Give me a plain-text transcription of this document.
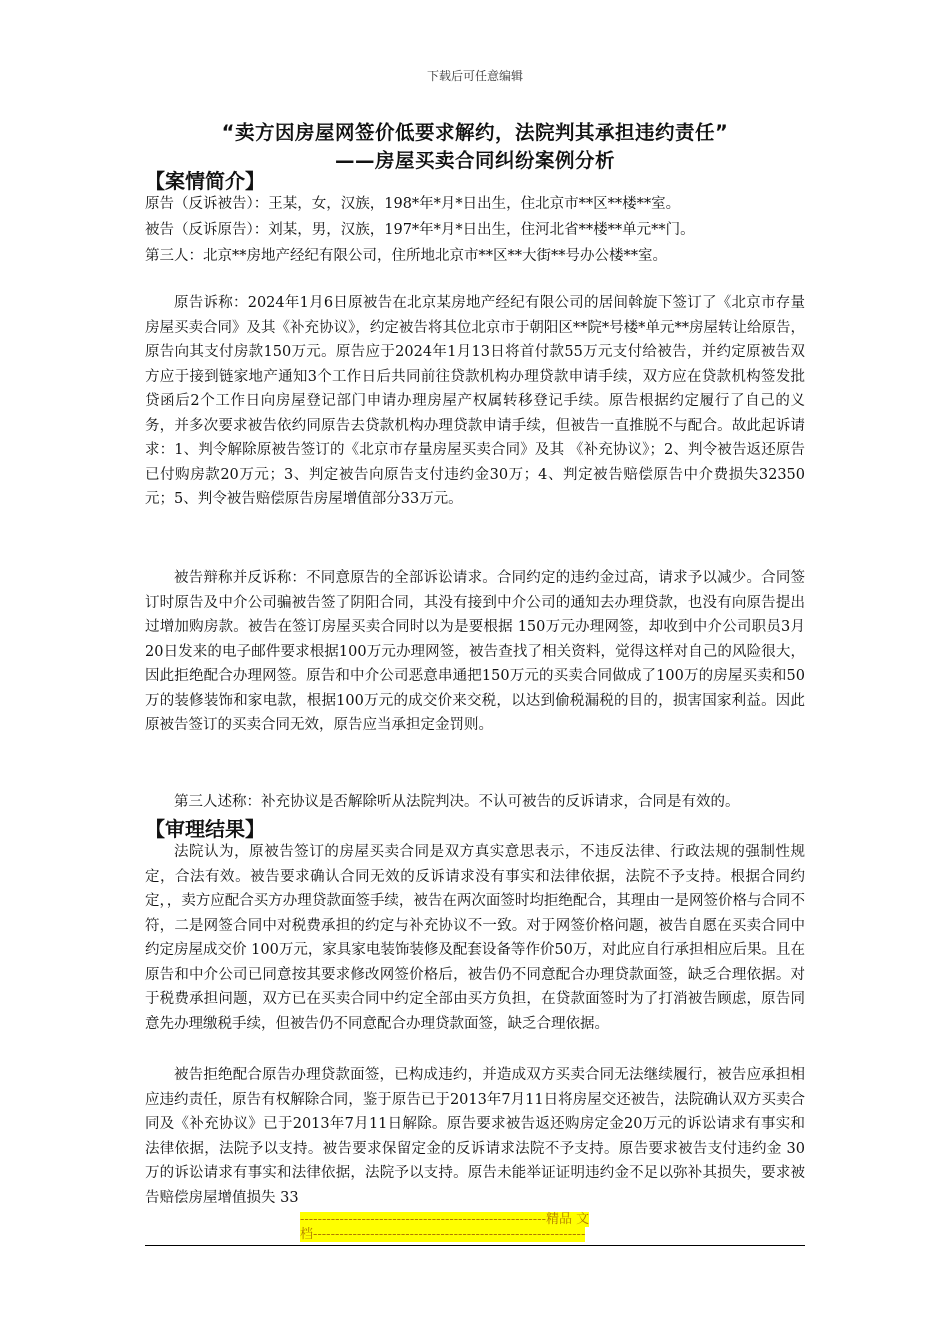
下载后可任意编辑
“卖方因房屋网签价低要求解约，法院判其承担违约责任”
——房屋买卖合同纠纷案例分析
【案情简介】
原告（反诉被告）：王某，女，汉族，198*年*月*日出生，住北京市**区**楼**室。
被告（反诉原告）：刘某，男，汉族，197*年*月*日出生，住河北省**楼**单元**门。
第三人：北京**房地产经纪有限公司，住所地北京市**区**大街**号办公楼**室。

原告诉称：2024年1月6日原被告在北京某房地产经纪有限公司的居间斡旋下签订了《北京市存量房屋买卖合同》及其《补充协议》，约定被告将其位北京市于朝阳区**院*号楼*单元**房屋转让给原告，原告向其支付房款150万元。原告应于2024年1月13日将首付款55万元支付给被告，并约定原被告双方应于接到链家地产通知3个工作日后共同前往贷款机构办理贷款申请手续，双方应在贷款机构签发批贷函后2个工作日向房屋登记部门申请办理房屋产权属转移登记手续。原告根据约定履行了自己的义务，并多次要求被告依约同原告去贷款机构办理贷款申请手续，但被告一直推脱不与配合。故此起诉请求：1、判令解除原被告签订的《北京市存量房屋买卖合同》及其 《补充协议》；2、判令被告返还原告已付购房款20万元；3、判定被告向原告支付违约金30万；4、判定被告赔偿原告中介费损失32350元；5、判令被告赔偿原告房屋增值部分33万元。

被告辩称并反诉称：不同意原告的全部诉讼请求。合同约定的违约金过高，请求予以减少。合同签订时原告及中介公司骗被告签了阴阳合同，其没有接到中介公司的通知去办理贷款，也没有向原告提出过增加购房款。被告在签订房屋买卖合同时以为是要根据 150万元办理网签，却收到中介公司职员3月20日发来的电子邮件要求根据100万元办理网签，被告查找了相关资料，觉得这样对自己的风险很大，因此拒绝配合办理网签。原告和中介公司恶意串通把150万元的买卖合同做成了100万的房屋买卖和50万的装修装饰和家电款，根据100万元的成交价来交税，以达到偷税漏税的目的，损害国家利益。因此原被告签订的买卖合同无效，原告应当承担定金罚则。

第三人述称：补充协议是否解除听从法院判决。不认可被告的反诉请求，合同是有效的。

【审理结果】

法院认为，原被告签订的房屋买卖合同是双方真实意思表示，不违反法律、行政法规的强制性规定，合法有效。被告要求确认合同无效的反诉请求没有事实和法律依据，法院不予支持。根据合同约定，，卖方应配合买方办理贷款面签手续，被告在两次面签时均拒绝配合，其理由一是网签价格与合同不符，二是网签合同中对税费承担的约定与补充协议不一致。对于网签价格问题，被告自愿在买卖合同中约定房屋成交价 100万元，家具家电装饰装修及配套设备等作价50万，对此应自行承担相应后果。且在原告和中介公司已同意按其要求修改网签价格后，被告仍不同意配合办理贷款面签，缺乏合理依据。对于税费承担问题，双方已在买卖合同中约定全部由买方负担，在贷款面签时为了打消被告顾虑，原告同意先办理缴税手续，但被告仍不同意配合办理贷款面签，缺乏合理依据。

被告拒绝配合原告办理贷款面签，已构成违约，并造成双方买卖合同无法继续履行，被告应承担相应违约责任，原告有权解除合同，鉴于原告已于2013年7月11日将房屋交还被告，法院确认双方买卖合同及《补充协议》已于2013年7月11日解除。原告要求被告返还购房定金20万元的诉讼请求有事实和法律依据，法院予以支持。被告要求保留定金的反诉请求法院不予支持。原告要求被告支付违约金 30万的诉讼请求有事实和法律依据，法院予以支持。原告未能举证证明违约金不足以弥补其损失，要求被告赔偿房屋增值损失 33

--------------------------------------------------------精品 文
档--------------------------------------------------------------
